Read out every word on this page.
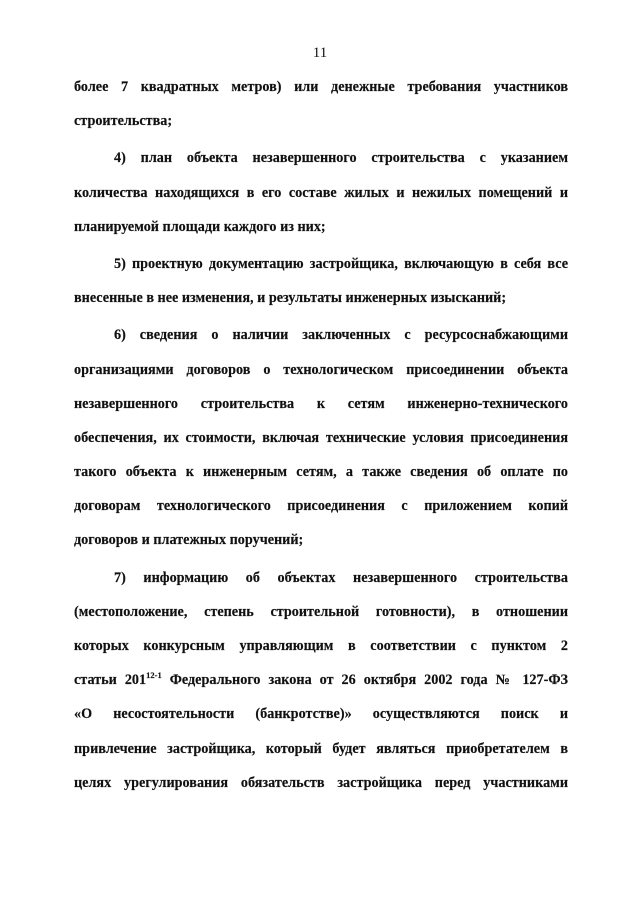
11
более 7 квадратных метров) или денежные требования участников
строительства;
4) план объекта незавершенного строительства с указанием
количества находящихся в его составе жилых и нежилых помещений и
планируемой площади каждого из них;
5) проектную документацию застройщика, включающую в себя все
внесенные в нее изменения, и результаты инженерных изысканий;
6) сведения о наличии заключенных с ресурсоснабжающими
организациями договоров о технологическом присоединении объекта
незавершенного строительства к сетям инженерно-технического
обеспечения, их стоимости, включая технические условия присоединения
такого объекта к инженерным сетям, а также сведения об оплате по
договорам технологического присоединения с приложением копий
договоров и платежных поручений;
7) информацию об объектах незавершенного строительства
(местоположение, степень строительной готовности), в отношении
которых конкурсным управляющим в соответствии с пунктом 2
статьи 201$^{12-1}$ Федерального закона от 26 октября 2002 года № 127-ФЗ
«О несостоятельности (банкротстве)» осуществляются поиск и
привлечение застройщика, который будет являться приобретателем в
целях урегулирования обязательств застройщика перед участниками
